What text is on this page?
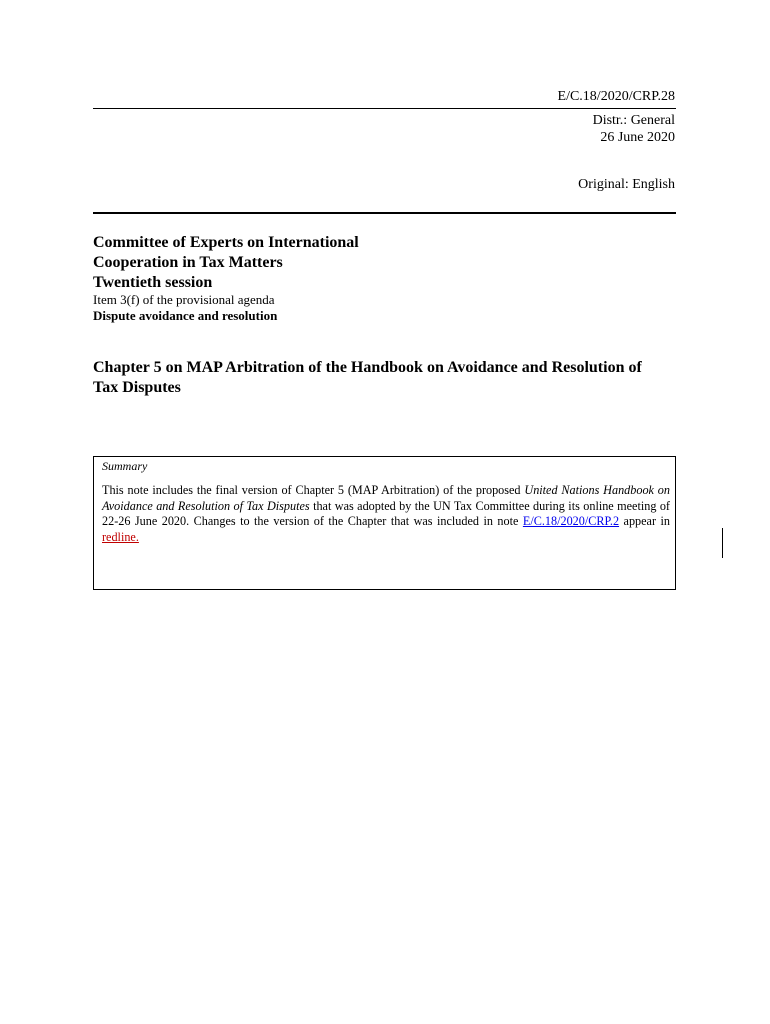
E/C.18/2020/CRP.28
Distr.: General
26 June 2020
Original: English
Committee of Experts on International
Cooperation in Tax Matters
Twentieth session
Item 3(f) of the provisional agenda
Dispute avoidance and resolution
Chapter 5 on MAP Arbitration of the Handbook on Avoidance and Resolution of Tax Disputes
Summary
This note includes the final version of Chapter 5 (MAP Arbitration) of the proposed United Nations Handbook on Avoidance and Resolution of Tax Disputes that was adopted by the UN Tax Committee during its online meeting of 22-26 June 2020. Changes to the version of the Chapter that was included in note E/C.18/2020/CRP.2 appear in redline.
